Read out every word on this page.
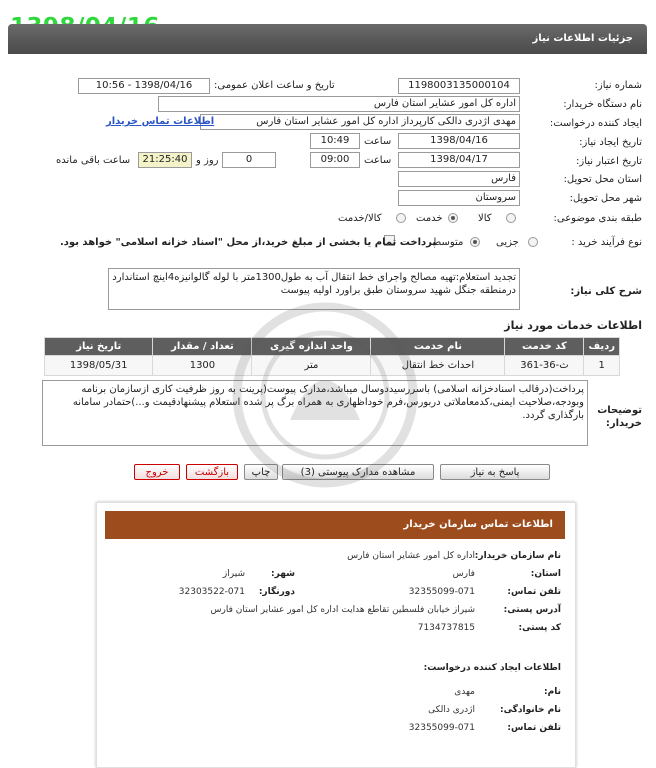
جزئیات اطلاعات نیاز
شماره نیاز:
1198003135000104
تاریخ و ساعت اعلان عمومی:
1398/04/16 - 10:56
نام دستگاه خریدار:
اداره کل امور عشایر استان فارس
ایجاد کننده درخواست:
مهدی اژدری دالکی کارپرداز اداره کل امور عشایر استان فارس
اطلاعات تماس خریدار
تاریخ ایجاد نیاز:
1398/04/16
ساعت
10:49
تاریخ اعتبار نیاز:
1398/04/17
ساعت
09:00
0
روز و
21:25:40
ساعت باقی مانده
استان محل تحویل:
فارس
شهر محل تحویل:
سروستان
طبقه بندی موضوعی:
کالا
خدمت
کالا/خدمت
نوع فرآیند خرید :
جزیی
متوسط
پرداخت تمام یا بخشی از مبلغ خرید،از محل "اسناد خزانه اسلامی" خواهد بود.
شرح کلی نیاز:
تجدید استعلام:تهیه مصالح واجرای خط انتقال آب به طول1300متر با لوله گالوانیزه4اینچ استاندارد درمنطقه جنگل شهید سروستان طبق براورد اولیه پیوست
اطلاعات خدمات مورد نیاز
ردیف	کد خدمت	نام خدمت	واحد اندازه گیری	تعداد / مقدار	تاریخ نیاز
1	ث-36-361	احداث خط انتقال	متر	1300	1398/05/31
توضیحات خریدار:
پرداخت(درقالب اسنادخزانه اسلامی) باسررسیددوسال میباشد،مدارک پیوست(پرینت به روز ظرفیت کاری ازسازمان برنامه وبودجه،صلاحیت ایمنی،کدمعاملاتی دربورس،فرم خوداظهاری به همراه برگ پر شده استعلام پیشنهادقیمت و...)حتمادر سامانه بارگذاری گردد.
پاسخ به نیاز
مشاهده مدارک پیوستی (3)
چاپ
بازگشت
خروج
اطلاعات تماس سازمان خریدار
نام سازمان خریدار:
اداره کل امور عشایر استان فارس
استان:
فارس
شهر:
شیراز
تلفن تماس:
32355099-071
دورنگار:
32303522-071
آدرس پستی:
شیراز خیابان فلسطین تقاطع هدایت اداره کل امور عشایر استان فارس
کد پستی:
7134737815
اطلاعات ایجاد کننده درخواست:
نام:
مهدی
نام خانوادگی:
اژدری دالکی
تلفن تماس:
32355099-071
